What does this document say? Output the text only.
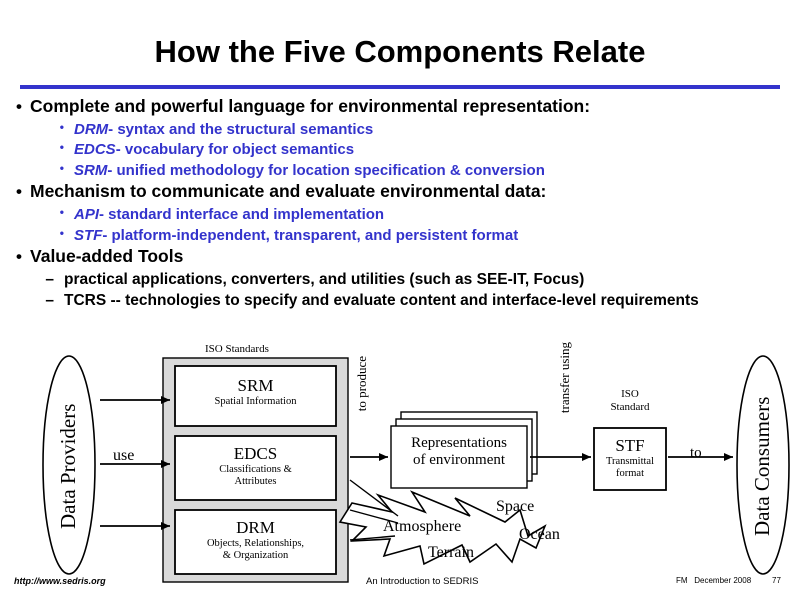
How the Five Components Relate
• Complete and powerful language for environmental representation:
• DRM - syntax and the structural semantics
• EDCS - vocabulary for object semantics
• SRM - unified methodology for location specification & conversion
• Mechanism to communicate and evaluate environmental data:
• API - standard interface and implementation
• STF - platform-independent, transparent, and persistent format
• Value-added Tools
– practical applications, converters, and utilities (such as SEE-IT, Focus)
– TCRS -- technologies to specify and evaluate content and interface-level requirements
Data Providers	Data Consumers
ISO Standards
use
SRM
Spatial Information
EDCS
Classifications &
Attributes
DRM
Objects, Relationships,
& Organization
to produce	transfer using
Representations
of environment
ISO
Standard
STF
Transmittal
format
to
Space
Atmosphere	Ocean
Terrain
http://www.sedris.org	An Introduction to SEDRIS	FM December 2008	77
